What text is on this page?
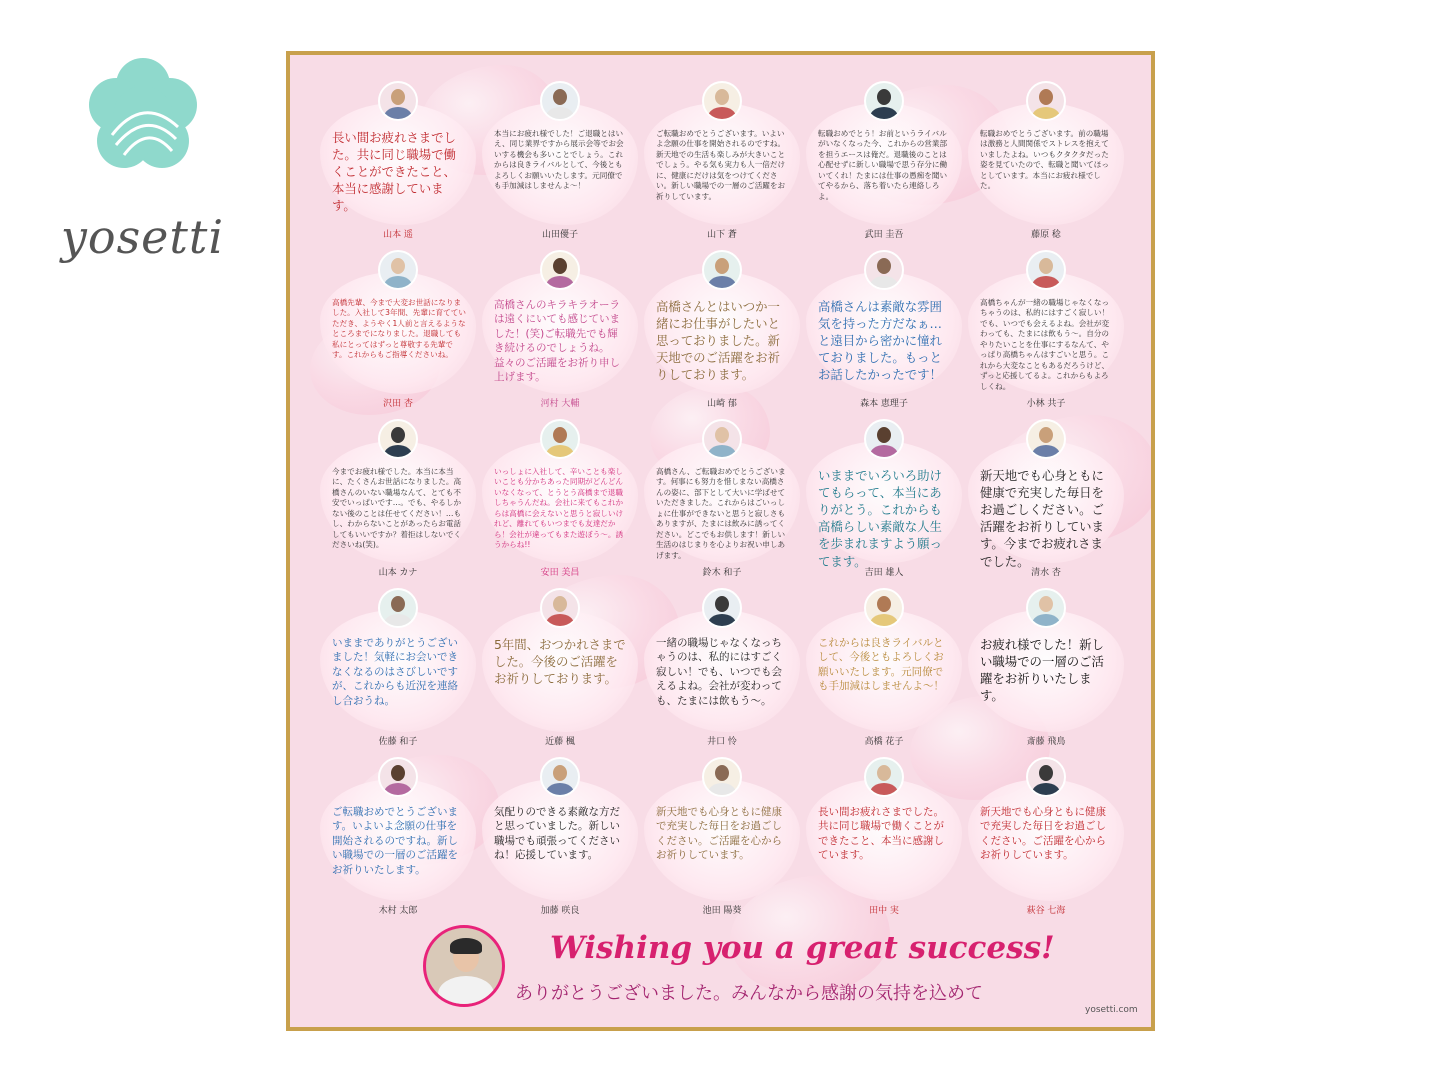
yosetti
長い間お疲れさまでした。共に同じ職場で働くことができたこと、本当に感謝しています。
山本 遥
本当にお疲れ様でした！ご退職とはいえ、同じ業界ですから展示会等でお会いする機会も多いことでしょう。これからは良きライバルとして、今後ともよろしくお願いいたします。元同僚でも手加減はしませんよ～！
山田優子
ご転職おめでとうございます。いよいよ念願の仕事を開始されるのですね。新天地での生活も楽しみが大きいことでしょう。やる気も実力も人一倍だけに、健康にだけは気をつけてください。新しい職場での一層のご活躍をお祈りしています。
山下 蒼
転職おめでとう！お前というライバルがいなくなった今、これからの営業部を担うエースは俺だ。退職後のことは心配せずに新しい職場で思う存分に働いてくれ！たまには仕事の愚痴を聞いてやるから、落ち着いたら連絡しろよ。
武田 圭吾
転職おめでとうございます。前の職場は激務と人間関係でストレスを抱えていましたよね。いつもクタクタだった姿を見ていたので、転職と聞いてほっとしています。本当にお疲れ様でした。
藤原 稔
高橋先輩、今まで大変お世話になりました。入社して3年間、先輩に育てていただき、ようやく1人前と言えるようなところまでになりました。退職しても私にとってはずっと尊敬する先輩です。これからもご指導くださいね。
沢田 杏
高橋さんのキラキラオーラは遠くにいても感じていました！(笑)ご転職先でも輝き続けるのでしょうね。益々のご活躍をお祈り申し上げます。
河村 大輔
高橋さんとはいつか一緒にお仕事がしたいと思っておりました。新天地でのご活躍をお祈りしております。
山崎 郁
高橋さんは素敵な雰囲気を持った方だなぁ…と遠目から密かに憧れておりました。もっとお話したかったです！
森本 恵理子
高橋ちゃんが一緒の職場じゃなくなっちゃうのは、私的にはすごく寂しい！でも、いつでも会えるよね。会社が変わっても、たまには飲もう～。自分のやりたいことを仕事にするなんて、やっぱり高橋ちゃんはすごいと思う。これから大変なこともあるだろうけど、ずっと応援してるよ。これからもよろしくね。
小林 共子
今までお疲れ様でした。本当に本当に、たくさんお世話になりました。高橋さんのいない職場なんて、とても不安でいっぱいです…。でも、やるしかない後のことは任せてください！…もし、わからないことがあったらお電話してもいいですか？着拒はしないでくださいね(笑)。
山本 カナ
いっしょに入社して、辛いことも楽しいことも分かちあった同期がどんどんいなくなって、とうとう高橋まで退職しちゃうんだね。会社に来てもこれからは高橋に会えないと思うと寂しいけれど、離れてもいつまでも友達だから！会社が違ってもまた遊ぼう～。誘うからね!!
安田 美昌
高橋さん、ご転職おめでとうございます。何事にも努力を惜しまない高橋さんの姿に、部下として大いに学ばせていただきました。これからはごいっしょに仕事ができないと思うと寂しさもありますが、たまには飲みに誘ってください。どこでもお供します！新しい生活のはじまりを心よりお祝い申しあげます。
鈴木 和子
いままでいろいろ助けてもらって、本当にありがとう。これからも高橋らしい素敵な人生を歩まれますよう願ってます。
吉田 雄人
新天地でも心身ともに健康で充実した毎日をお過ごしください。ご活躍をお祈りしています。今までお疲れさまでした。
清水 杏
いままでありがとうございました！気軽にお会いできなくなるのはさびしいですが、これからも近況を連絡し合おうね。
佐藤 和子
5年間、おつかれさまでした。今後のご活躍をお祈りしております。
近藤 楓
一緒の職場じゃなくなっちゃうのは、私的にはすごく寂しい！でも、いつでも会えるよね。会社が変わっても、たまには飲もう～。
井口 怜
これからは良きライバルとして、今後ともよろしくお願いいたします。元同僚でも手加減はしませんよ～！
高橋 花子
お疲れ様でした！新しい職場での一層のご活躍をお祈りいたします。
斎藤 飛鳥
ご転職おめでとうございます。いよいよ念願の仕事を開始されるのですね。新しい職場での一層のご活躍をお祈りいたします。
木村 太郎
気配りのできる素敵な方だと思っていました。新しい職場でも頑張ってくださいね！応援しています。
加藤 咲良
新天地でも心身ともに健康で充実した毎日をお過ごしください。ご活躍を心からお祈りしています。
池田 陽葵
長い間お疲れさまでした。共に同じ職場で働くことができたこと、本当に感謝しています。
田中 実
新天地でも心身ともに健康で充実した毎日をお過ごしください。ご活躍を心からお祈りしています。
萩谷 七海
Wishing you a great success!
ありがとうございました。みんなから感謝の気持を込めて
yosetti.com
